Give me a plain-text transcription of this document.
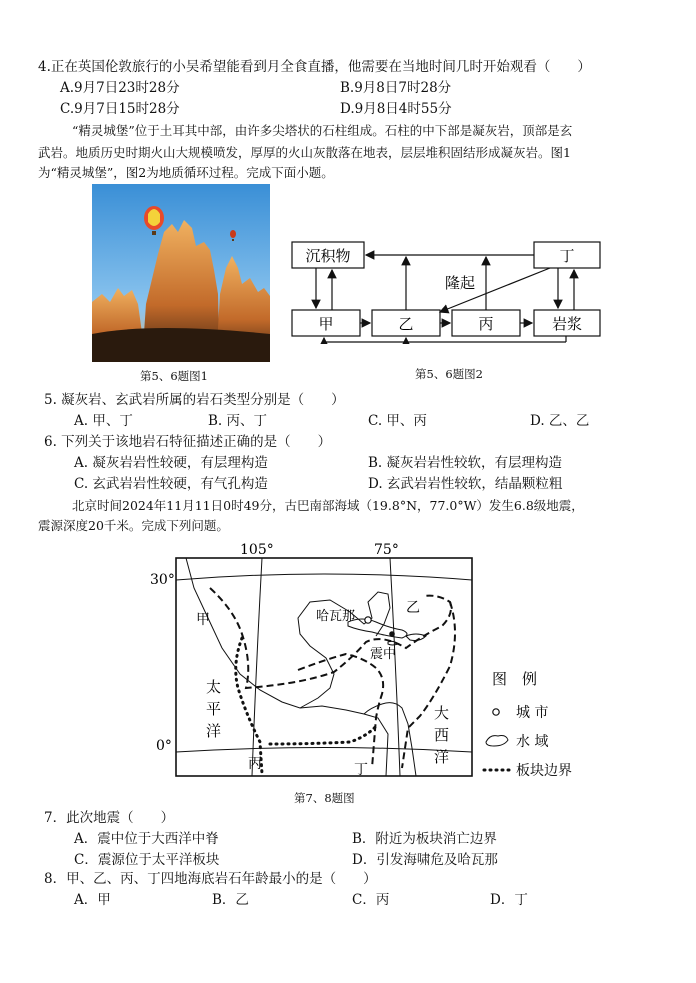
4.正在英国伦敦旅行的小吴希望能看到月全食直播，他需要在当地时间几时开始观看（　　）
A.9月7日23时28分	B.9月8日7时28分
C.9月7日15时28分	D.9月8日4时55分
“精灵城堡”位于土耳其中部，由许多尖塔状的石柱组成。石柱的中下部是凝灰岩，顶部是玄
武岩。地质历史时期火山大规模喷发，厚厚的火山灰散落在地表，层层堆积固结形成凝灰岩。图1
为“精灵城堡”，图2为地质循环过程。完成下面小题。
第5、6题图1
沉积物	丁
甲	乙	丙	岩浆
隆起
第5、6题图2
5. 凝灰岩、玄武岩所属的岩石类型分别是（　　）
A. 甲、丁	B. 丙、丁	C. 甲、丙	D. 乙、乙
6. 下列关于该地岩石特征描述正确的是（　　）
A. 凝灰岩岩性较硬，有层理构造	B. 凝灰岩岩性较软，有层理构造
C. 玄武岩岩性较硬，有气孔构造	D. 玄武岩岩性较软，结晶颗粒粗
北京时间2024年11月11日0时49分，古巴南部海域（19.8°N，77.0°W）发生6.8级地震，
震源深度20千米。完成下列问题。
图　例
城 市
水 域
板块边界
105°	75°
30°
0°
甲
乙
丙	丁
哈瓦那
震中
太
平
洋
大
西
洋
第7、8题图
7．此次地震（　　）
A．震中位于大西洋中脊	B．附近为板块消亡边界
C．震源位于太平洋板块	D．引发海啸危及哈瓦那
8．甲、乙、丙、丁四地海底岩石年龄最小的是（　　）
A．甲	B．乙	C．丙	D．丁
